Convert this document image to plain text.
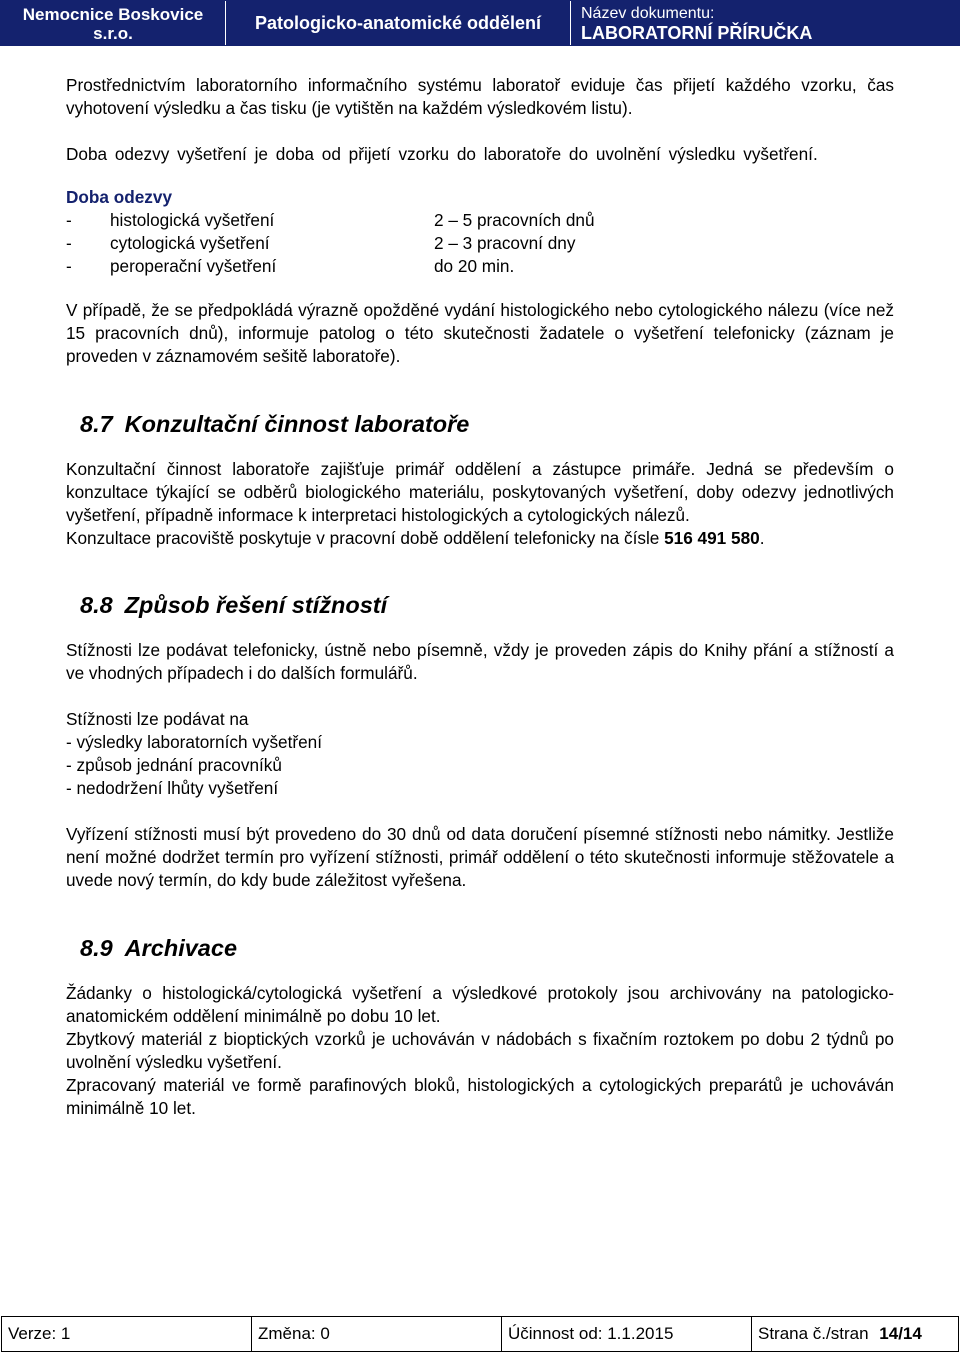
Nemocnice Boskovice s.r.o.
Patologicko-anatomické oddělení	Název dokumentu:
LABORATORNÍ PŘÍRUČKA

Prostřednictvím laboratorního informačního systému laboratoř eviduje čas přijetí každého vzorku, čas vyhotovení výsledku a čas tisku (je vytištěn na každém výsledkovém listu).

Doba odezvy vyšetření je doba od přijetí vzorku do laboratoře do uvolnění výsledku vyšetření.

Doba odezvy

-	histologická vyšetření	2 – 5 pracovních dnů
-	cytologická vyšetření	2 – 3 pracovní dny
-	peroperační vyšetření	do 20 min.

V případě, že se předpokládá výrazně opožděné vydání histologického nebo cytologického nálezu (více než 15 pracovních dnů), informuje patolog o této skutečnosti žadatele o vyšetření telefonicky (záznam je proveden v záznamovém sešitě laboratoře).

8.7 Konzultační činnost laboratoře

Konzultační činnost laboratoře zajišťuje primář oddělení a zástupce primáře. Jedná se především o konzultace týkající se odběrů biologického materiálu, poskytovaných vyšetření, doby odezvy jednotlivých vyšetření, případně informace k interpretaci histologických a cytologických nálezů.

Konzultace pracoviště poskytuje v pracovní době oddělení telefonicky na čísle 516 491 580.

8.8 Způsob řešení stížností

Stížnosti lze podávat telefonicky, ústně nebo písemně, vždy je proveden zápis do Knihy přání a stížností a ve vhodných případech i do dalších formulářů.

Stížnosti lze podávat na

- výsledky laboratorních vyšetření

- způsob jednání pracovníků

- nedodržení lhůty vyšetření

Vyřízení stížnosti musí být provedeno do 30 dnů od data doručení písemné stížnosti nebo námitky. Jestliže není možné dodržet termín pro vyřízení stížnosti, primář oddělení o této skutečnosti informuje stěžovatele a uvede nový termín, do kdy bude záležitost vyřešena.

8.9 Archivace

Žádanky o histologická/cytologická vyšetření a výsledkové protokoly jsou archivovány na patologicko-anatomickém oddělení minimálně po dobu 10 let.

Zbytkový materiál z bioptických vzorků je uchováván v nádobách s fixačním roztokem po dobu 2 týdnů po uvolnění výsledku vyšetření.

Zpracovaný materiál ve formě parafinových bloků, histologických a cytologických preparátů je uchováván minimálně 10 let.

Verze: 1	Změna: 0	Účinnost od: 1.1.2015	Strana č./stran 14/14
